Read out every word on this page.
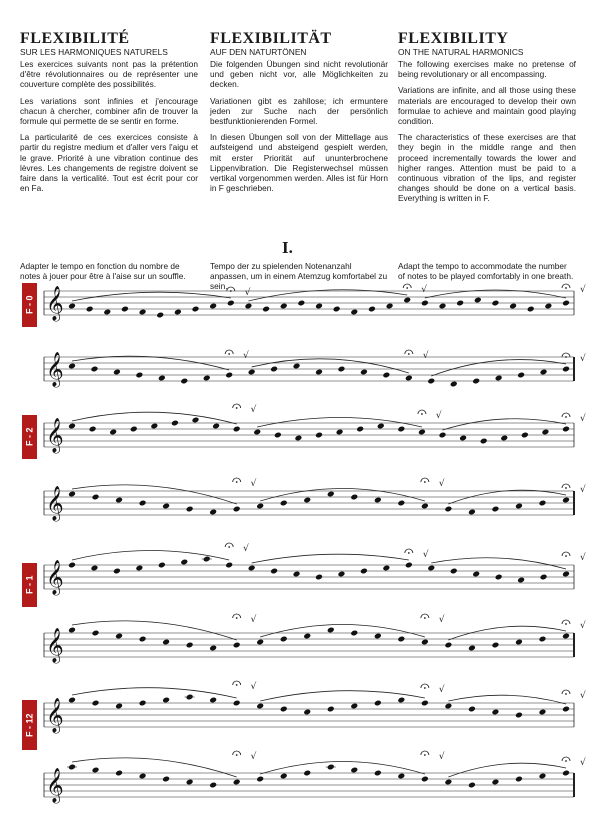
FLEXIBILITÉ

SUR LES HARMONIQUES NATURELS

Les exercices suivants nont pas la prétention d'être révolutionnaires ou de représenter une couverture complète des possibilités.

Les variations sont infinies et j'encourage chacun à chercher, combiner afin de trouver la formule qui permette de se sentir en forme.

La particularité de ces exercices consiste à partir du registre medium et d'aller vers l'aigu et le grave. Priorité à une vibration continue des lèvres. Les changements de registre doivent se faire dans la verticalité. Tout est écrit pour cor en Fa.

FLEXIBILITÄT

AUF DEN NATURTÖNEN

Die folgenden Übungen sind nicht revolutionär und geben nicht vor, alle Möglichkeiten zu decken.

Variationen gibt es zahllose; ich ermuntere jeden zur Suche nach der persönlich bestfunktionierenden Formel.

In diesen Übungen soll von der Mittellage aus aufsteigend und absteigend gespielt werden, mit erster Priorität auf ununterbrochene Lippenvibration. Die Registerwechsel müssen vertikal vorgenommen werden. Alles ist für Horn in F geschrieben.

FLEXIBILITY

ON THE NATURAL HARMONICS

The following exercises make no pretense of being revolutionary or all encompassing.

Variations are infinite, and all those using these materials are encouraged to develop their own formulae to achieve and maintain good playing condition.

The characteristics of these exercises are that they begin in the middle range and then proceed incrementally towards the lower and higher ranges. Attention must be paid to a continuous vibration of the lips, and register changes should be done on a vertical basis. Everything is written in F.

I.
Adapter le tempo en fonction du nombre de notes à jouer pour être à l'aise sur un souffle.
Tempo der zu spielenden Notenanzahl anpassen, um in einem Atemzug komfortabel zu sein.
Adapt the tempo to accommodate the number of notes to be played comfortably in one breath.
F - 0
F - 2
F - 1
F - 12
𝄞	√	√	√
𝄞	√	√	√
𝄞
√
√	√
𝄞
√	√
√
𝄞
√
√	√
𝄞
√	√
√
𝄞
√	√
√
𝄞
√	√
√
